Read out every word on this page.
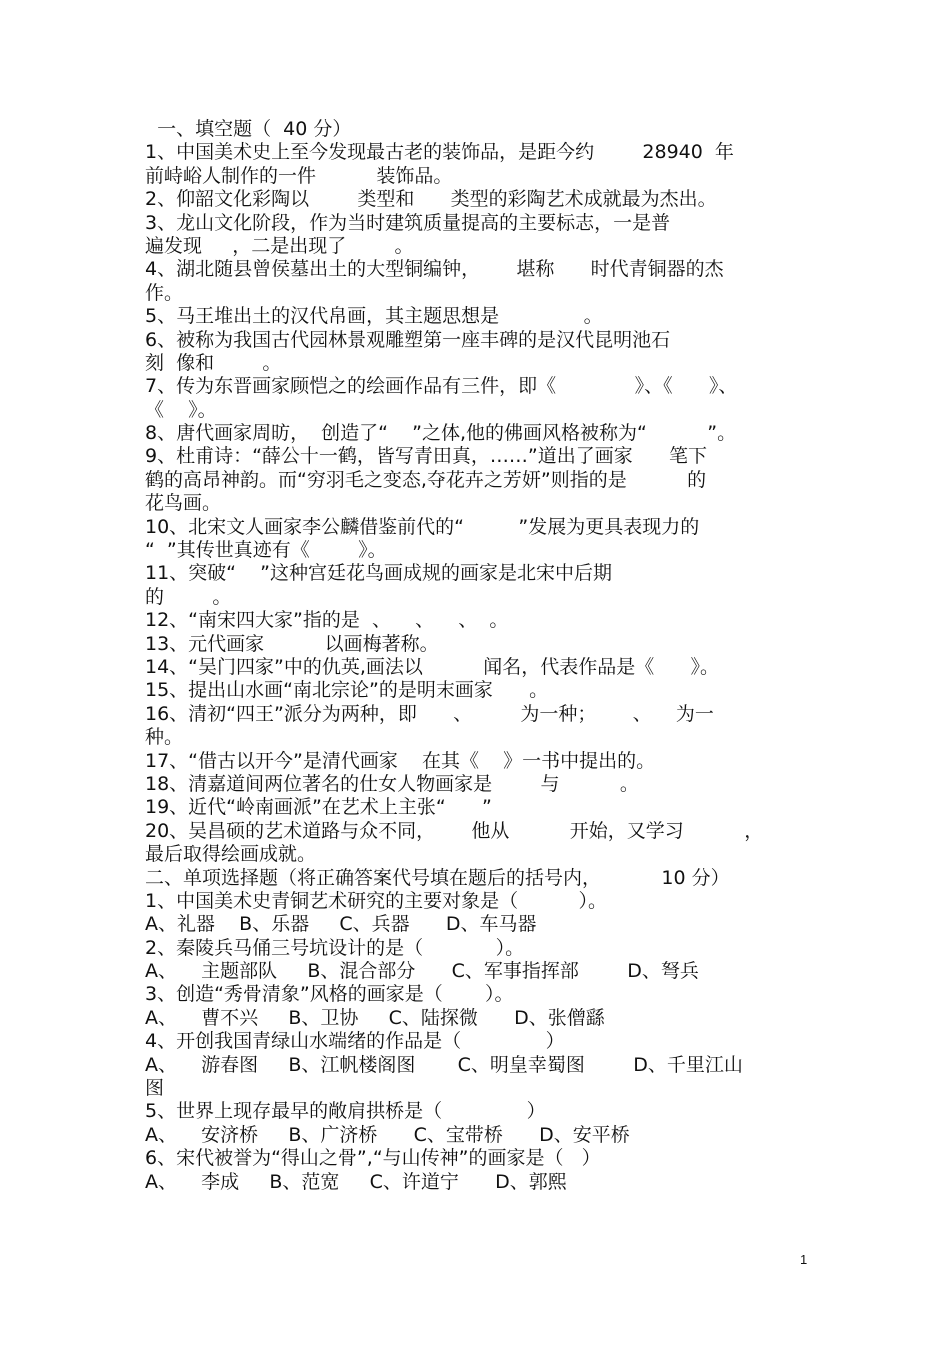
一、填空题（  40 分）
1、中国美术史上至今发现最古老的装饰品，是距今约        28940  年
前峙峪人制作的一件          装饰品。
2、仰韶文化彩陶以        类型和      类型的彩陶艺术成就最为杰出。
3、龙山文化阶段，作为当时建筑质量提高的主要标志，一是普
遍发现     ，二是出现了        。
4、湖北随县曾侯墓出土的大型铜编钟，      堪称      时代青铜器的杰
作。
5、马王堆出土的汉代帛画，其主题思想是              。
6、被称为我国古代园林景观雕塑第一座丰碑的是汉代昆明池石
刻  像和        。
7、传为东晋画家顾恺之的绘画作品有三件，即《             》、《      》、
《    》。
8、唐代画家周昉，  创造了“    ”之体,他的佛画风格被称为“          ”。
9、杜甫诗：“薛公十一鹤，皆写青田真，……”道出了画家      笔下
鹤的高昂神韵。而“穷羽毛之变态,夺花卉之芳妍”则指的是          的
花鸟画。
10、北宋文人画家李公麟借鉴前代的“         ”发展为更具表现力的
“  ”其传世真迹有《        》。
11、突破“    ”这种宫廷花鸟画成规的画家是北宋中后期
的        。
12、“南宋四大家”指的是  、    、    、  。
13、元代画家          以画梅著称。
14、“吴门四家”中的仇英,画法以          闻名，代表作品是《      》。
15、提出山水画“南北宗论”的是明末画家      。
16、清初“四王”派分为两种，即      、        为一种；      、    为一
种。
17、“借古以开今”是清代画家    在其《    》一书中提出的。
18、清嘉道间两位著名的仕女人物画家是        与          。
19、近代“岭南画派”在艺术上主张“      ”
20、吴昌硕的艺术道路与众不同，      他从          开始，又学习          ，
最后取得绘画成就。
二、单项选择题（将正确答案代号填在题后的括号内，          10 分）
1、中国美术史青铜艺术研究的主要对象是（          ）。
A、礼器    B、乐器     C、兵器      D、车马器
2、秦陵兵马俑三号坑设计的是（            ）。
A、    主题部队     B、混合部分      C、军事指挥部        D、弩兵
3、创造“秀骨清象”风格的画家是（       ）。
A、    曹不兴     B、卫协     C、陆探微      D、张僧繇
4、开创我国青绿山水端绪的作品是（              ）
A、    游春图     B、江帆楼阁图       C、明皇幸蜀图        D、千里江山
图
5、世界上现存最早的敞肩拱桥是（              ）
A、    安济桥     B、广济桥      C、宝带桥      D、安平桥
6、宋代被誉为“得山之骨”,“与山传神”的画家是（   ）
A、    李成     B、范宽     C、许道宁      D、郭熙
1
